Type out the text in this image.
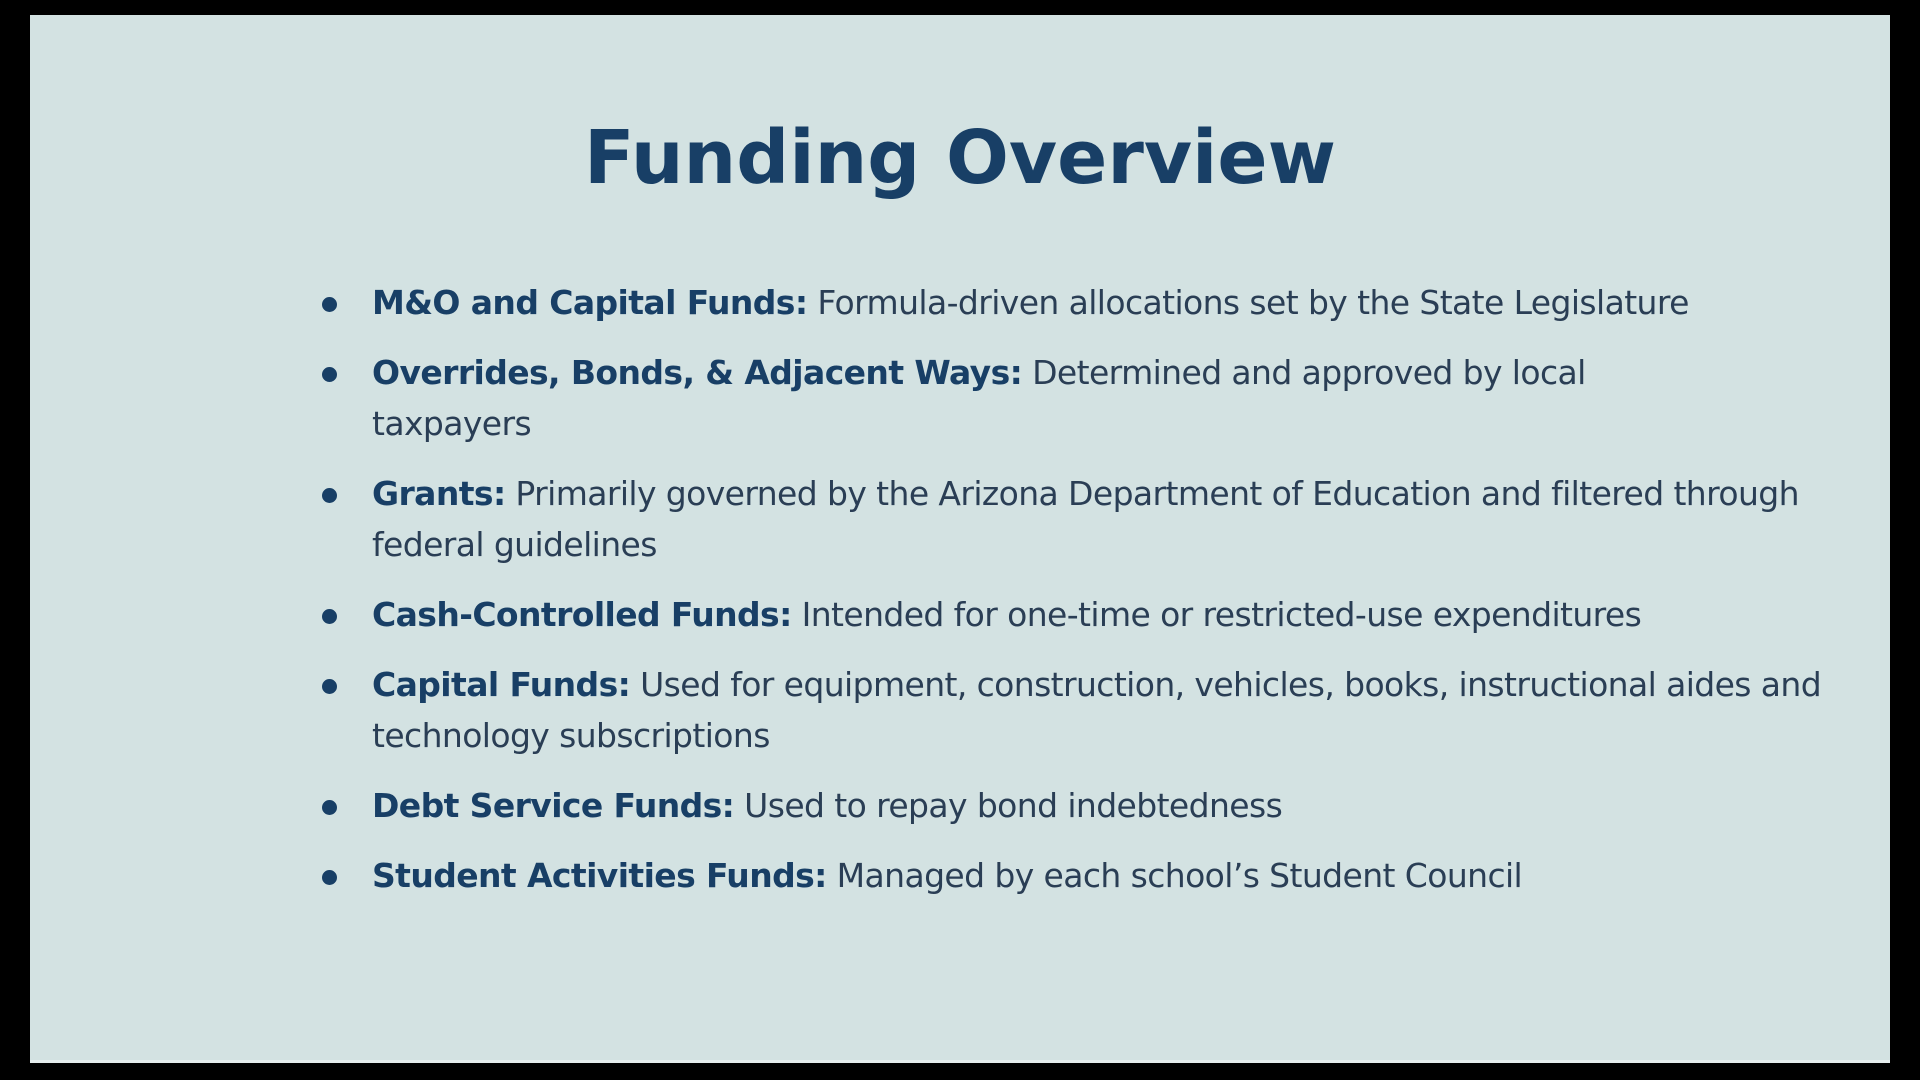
Funding Overview
M&O and Capital Funds: Formula-driven allocations set by the State Legislature
Overrides, Bonds, & Adjacent Ways: Determined and approved by local taxpayers
Grants: Primarily governed by the Arizona Department of Education and filtered through federal guidelines
Cash-Controlled Funds: Intended for one-time or restricted-use expenditures
Capital Funds: Used for equipment, construction, vehicles, books, instructional aides and technology subscriptions
Debt Service Funds: Used to repay bond indebtedness
Student Activities Funds: Managed by each school’s Student Council
